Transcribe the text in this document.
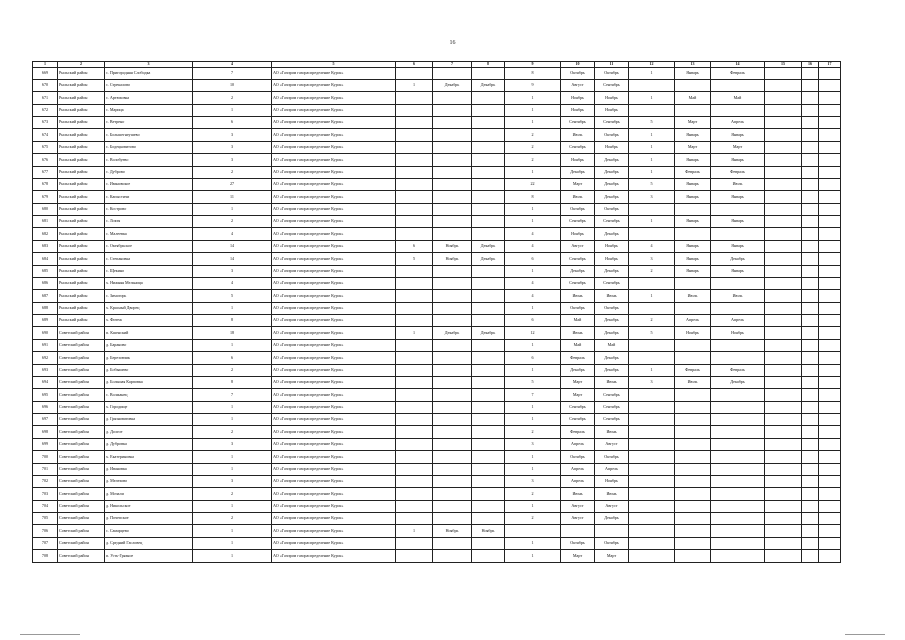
16
1	2	3	4	5	6	7	8	9	10	11	12	13	14	15	16	17
669	Рыльский район	с. Пригородняя Слободка	7	АО «Газпром газораспределение Курск»				8	Октябрь	Октябрь	1	Январь	Февраль			
670	Рыльский район	с. Стрекалово	10	АО «Газпром газораспределение Курск»	1	Декабрь	Декабрь	9	Август	Сентябрь						
671	Рыльский район	с. Артюховка	2	АО «Газпром газораспределение Курск»				1	Ноябрь	Ноябрь	1	Май	Май			
672	Рыльский район	с. Марица	1	АО «Газпром газораспределение Курск»				1	Ноябрь	Ноябрь						
673	Рыльский район	с. Ветрено	6	АО «Газпром газораспределение Курск»				1	Сентябрь	Сентябрь	5	Март	Апрель			
674	Рыльский район	с. Большегнеушево	3	АО «Газпром газораспределение Курск»				2	Июль	Октябрь	1	Январь	Январь			
675	Рыльский район	с. Бодецковитово	3	АО «Газпром газораспределение Курск»				2	Сентябрь	Ноябрь	1	Март	Март			
676	Рыльский район	с. Волобуево	3	АО «Газпром газораспределение Курск»				2	Ноябрь	Декабрь	1	Январь	Январь			
677	Рыльский район	с. Дуброво	2	АО «Газпром газораспределение Курск»				1	Декабрь	Декабрь	1	Февраль	Февраль			
678	Рыльский район	с. Ивановское	27	АО «Газпром газораспределение Курск»				22	Март	Декабрь	5	Январь	Июль			
679	Рыльский район	с. Капыстичи	11	АО «Газпром газораспределение Курск»				8	Июль	Декабрь	3	Январь	Январь			
680	Рыльский район	с. Кострово	1	АО «Газпром газораспределение Курск»				1	Октябрь	Октябрь						
681	Рыльский район	с. Локтя	2	АО «Газпром газораспределение Курск»				1	Сентябрь	Сентябрь	1	Январь	Январь			
682	Рыльский район	с. Малеевка	4	АО «Газпром газораспределение Курск»				4	Ноябрь	Декабрь						
683	Рыльский район	с. Октябрьское	14	АО «Газпром газораспределение Курск»	6	Ноябрь	Декабрь	4	Август	Ноябрь	4	Январь	Январь			
684	Рыльский район	с. Степановка	14	АО «Газпром газораспределение Курск»	5	Ноябрь	Декабрь	6	Сентябрь	Ноябрь	3	Январь	Декабрь			
685	Рыльский район	с. Щекино	3	АО «Газпром газораспределение Курск»				1	Декабрь	Декабрь	2	Январь	Январь			
686	Рыльский район	х. Нижняя Мельница	4	АО «Газпром газораспределение Курск»				4	Сентябрь	Сентябрь						
687	Рыльский район	с. Зимогорь	5	АО «Газпром газораспределение Курск»				4	Июнь	Июнь	1	Июль	Июль			
688	Рыльский район	х. Красный Дворец	1	АО «Газпром газораспределение Курск»				1	Октябрь	Октябрь						
689	Рыльский район	х. Фитеж	8	АО «Газпром газораспределение Курск»				6	Май	Декабрь	2	Апрель	Апрель			
690	Советский район	п. Кшенский	18	АО «Газпром газораспределение Курск»	1	Декабрь	Декабрь	12	Июнь	Декабрь	5	Ноябрь	Ноябрь			
691	Советский район	д. Бараново	1	АО «Газпром газораспределение Курск»				1	Май	Май						
692	Советский район	д. Березовчик	6	АО «Газпром газораспределение Курск»				6	Февраль	Декабрь						
693	Советский район	д. Бобышево	2	АО «Газпром газораспределение Курск»				1	Декабрь	Декабрь	1	Февраль	Февраль			
694	Советский район	д. Большая Карповка	8	АО «Газпром газораспределение Курск»				5	Март	Июнь	3	Июль	Декабрь			
695	Советский район	с. Волжанец	7	АО «Газпром газораспределение Курск»				7	Март	Сентябрь						
696	Советский район	х. Городище	1	АО «Газпром газораспределение Курск»				1	Сентябрь	Сентябрь						
697	Советский район	д. Грязноватовка	1	АО «Газпром газораспределение Курск»				1	Сентябрь	Сентябрь						
698	Советский район	д. Долгое	2	АО «Газпром газораспределение Курск»				2	Февраль	Июнь						
699	Советский район	д. Дубровка	3	АО «Газпром газораспределение Курск»				3	Апрель	Август						
700	Советский район	х. Екатериновка	1	АО «Газпром газораспределение Курск»				1	Октябрь	Октябрь						
701	Советский район	д. Ивановка	1	АО «Газпром газораспределение Курск»				1	Апрель	Апрель						
702	Советский район	д. Мелехово	3	АО «Газпром газораспределение Курск»				3	Апрель	Ноябрь						
703	Советский район	д. Мочали	2	АО «Газпром газораспределение Курск»				2	Июнь	Июнь						
704	Советский район	д. Никольское	1	АО «Газпром газораспределение Курск»				1	Август	Август						
705	Советский район	д. Почепское	2	АО «Газпром газораспределение Курск»				2	Август	Декабрь						
706	Советский район	с. Самарцево	1	АО «Газпром газораспределение Курск»	1	Ноябрь	Ноябрь									
707	Советский район	д. Средний Гасловец	1	АО «Газпром газораспределение Курск»				1	Октябрь	Октябрь						
708	Советский район	п. Усть-Грязное	1	АО «Газпром газораспределение Курск»				1	Март	Март						
